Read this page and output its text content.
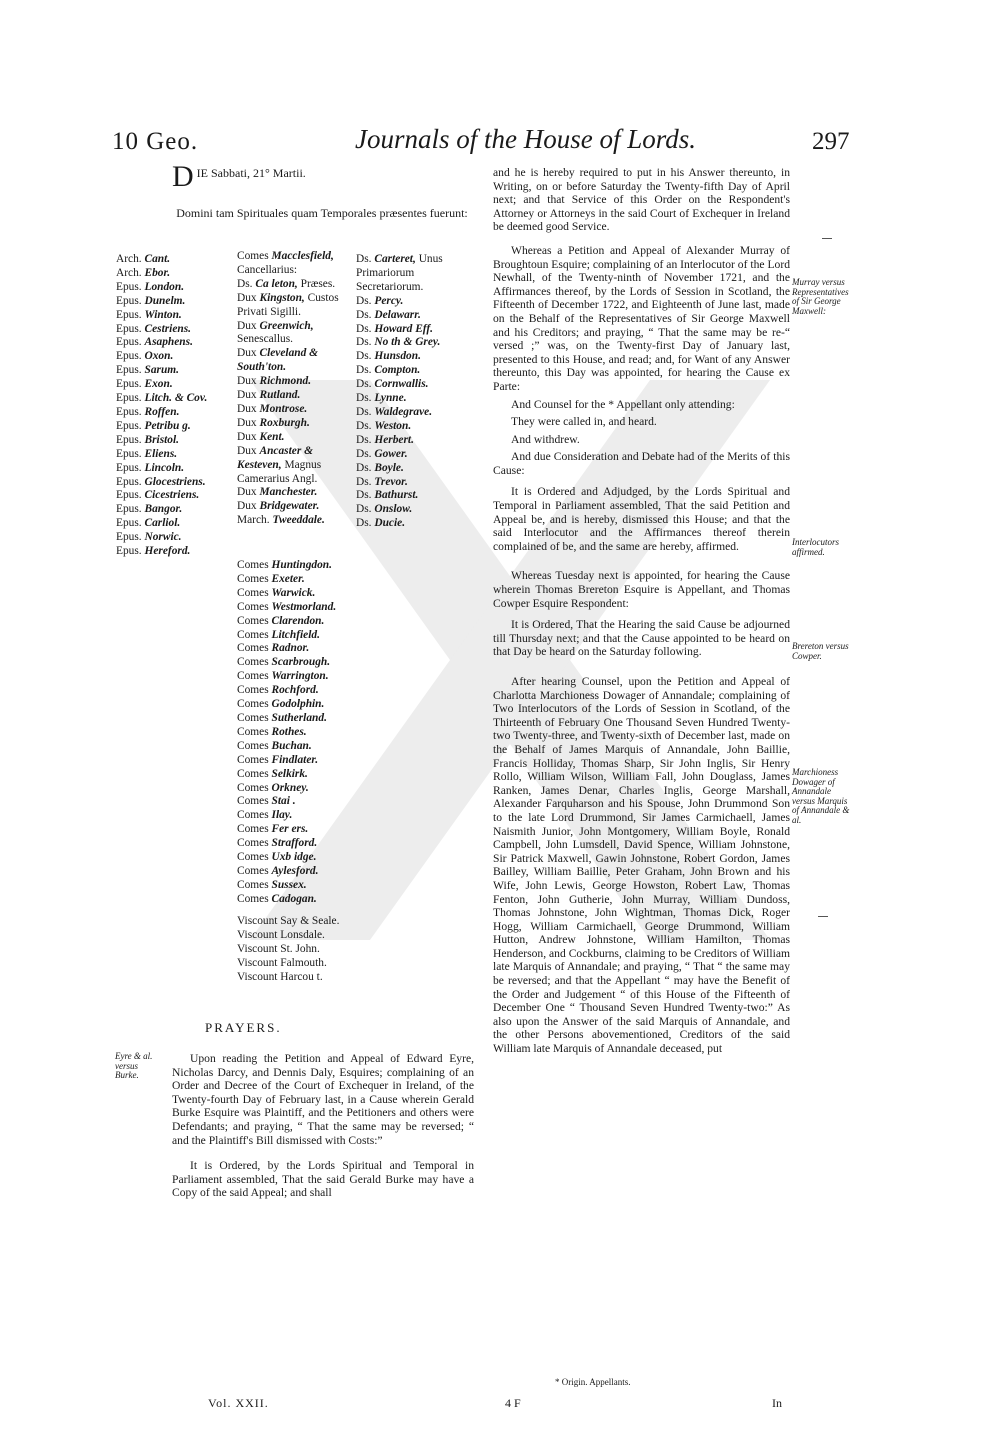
10 Geo.	Journals of the House of Lords.	297
D IE Sabbati, 21° Martii.
Domini tam Spirituales quam Temporales præsentes fuerunt:
Arch. Cant.
Arch. Ebor.
Epus. London.
Epus. Dunelm.
Epus. Winton.
Epus. Cestriens.
Epus. Asaphens.
Epus. Oxon.
Epus. Sarum.
Epus. Exon.
Epus. Litch. & Cov.
Epus. Roffen.
Epus. Petribu g.
Epus. Bristol.
Epus. Eliens.
Epus. Lincoln.
Epus. Glocestriens.
Epus. Cicestriens.
Epus. Bangor.
Epus. Carliol.
Epus. Norwic.
Epus. Hereford.
Comes Macclesfield, Cancellarius:
Ds. Ca leton, Præses.
Dux Kingston, Custos Privati Sigilli.
Dux Greenwich, Senescallus.
Dux Cleveland & South'ton.
Dux Richmond.
Dux Rutland.
Dux Montrose.
Dux Roxburgh.
Dux Kent.
Dux Ancaster & Kesteven, Magnus Camerarius Angl.
Dux Manchester.
Dux Bridgewater.
March. Tweeddale.
Comes Huntingdon.
Comes Exeter.
Comes Warwick.
Comes Westmorland.
Comes Clarendon.
Comes Litchfield.
Comes Radnor.
Comes Scarbrough.
Comes Warrington.
Comes Rochford.
Comes Godolphin.
Comes Sutherland.
Comes Rothes.
Comes Buchan.
Comes Findlater.
Comes Selkirk.
Comes Orkney.
Comes Stai .
Comes Ilay.
Comes Fer ers.
Comes Strafford.
Comes Uxb idge.
Comes Aylesford.
Comes Sussex.
Comes Cadogan.
Viscount Say & Seale.
Viscount Lonsdale.
Viscount St. John.
Viscount Falmouth.
Viscount Harcou t.
Ds. Carteret, Unus Primariorum Secretariorum.
Ds. Percy.
Ds. Delawarr.
Ds. Howard Eff.
Ds. No th & Grey.
Ds. Hunsdon.
Ds. Compton.
Ds. Cornwallis.
Ds. Lynne.
Ds. Waldegrave.
Ds. Weston.
Ds. Herbert.
Ds. Gower.
Ds. Boyle.
Ds. Trevor.
Ds. Bathurst.
Ds. Onslow.
Ds. Ducie.
PRAYERS.
Eyre & al. versus Burke.

Upon reading the Petition and Appeal of Edward Eyre, Nicholas Darcy, and Dennis Daly, Esquires; complaining of an Order and Decree of the Court of Exchequer in Ireland, of the Twenty-fourth Day of February last, in a Cause wherein Gerald Burke Esquire was Plaintiff, and the Petitioners and others were Defendants; and praying, “ That the same may be reversed; “ and the Plaintiff's Bill dismissed with Costs:”

It is Ordered, by the Lords Spiritual and Temporal in Parliament assembled, That the said Gerald Burke may have a Copy of the said Appeal; and shall

and he is hereby required to put in his Answer thereunto, in Writing, on or before Saturday the Twenty-fifth Day of April next; and that Service of this Order on the Respondent's Attorney or Attorneys in the said Court of Exchequer in Ireland be deemed good Service.

Whereas a Petition and Appeal of Alexander Murray of Broughtoun Esquire; complaining of an Interlocutor of the Lord Newhall, of the Twenty-ninth of November 1721, and the Affirmances thereof, by the Lords of Session in Scotland, the Fifteenth of December 1722, and Eighteenth of June last, made on the Behalf of the Representatives of Sir George Maxwell and his Creditors; and praying, “ That the same may be re-“ versed ;” was, on the Twenty-first Day of January last, presented to this House, and read; and, for Want of any Answer thereunto, this Day was appointed, for hearing the Cause ex Parte:

And Counsel for the * Appellant only attending:

They were called in, and heard.

And withdrew.

And due Consideration and Debate had of the Merits of this Cause:

It is Ordered and Adjudged, by the Lords Spiritual and Temporal in Parliament assembled, That the said Petition and Appeal be, and is hereby, dismissed this House; and that the said Interlocutor and the Affirmances thereof therein complained of be, and the same are hereby, affirmed.

Whereas Tuesday next is appointed, for hearing the Cause wherein Thomas Brereton Esquire is Appellant, and Thomas Cowper Esquire Respondent:

It is Ordered, That the Hearing the said Cause be adjourned till Thursday next; and that the Cause appointed to be heard on that Day be heard on the Saturday following.

After hearing Counsel, upon the Petition and Appeal of Charlotta Marchioness Dowager of Annandale; complaining of Two Interlocutors of the Lords of Session in Scotland, of the Thirteenth of February One Thousand Seven Hundred Twenty-two Twenty-three, and Twenty-sixth of December last, made on the Behalf of James Marquis of Annandale, John Baillie, Francis Holliday, Thomas Sharp, Sir John Inglis, Sir Henry Rollo, William Wilson, William Fall, John Douglass, James Ranken, James Denar, Charles Inglis, George Marshall, Alexander Farquharson and his Spouse, John Drummond Son to the late Lord Drummond, Sir James Carmichaell, James Naismith Junior, John Montgomery, William Boyle, Ronald Campbell, John Lumsdell, David Spence, William Johnstone, Sir Patrick Maxwell, Gawin Johnstone, Robert Gordon, James Bailley, William Baillie, Peter Graham, John Brown and his Wife, John Lewis, George Howston, Robert Law, Thomas Fenton, John Gutherie, John Murray, William Dundoss, Thomas Johnstone, John Wightman, Thomas Dick, Roger Hogg, William Carmichaell, George Drummond, William Hutton, Andrew Johnstone, William Hamilton, Thomas Henderson, and Cockburns, claiming to be Creditors of William late Marquis of Annandale; and praying, “ That “ the same may be reversed; and that the Appellant “ may have the Benefit of the Order and Judgement “ of this House of the Fifteenth of December One “ Thousand Seven Hundred Twenty-two:” As also upon the Answer of the said Marquis of Annandale, and the other Persons abovementioned, Creditors of the said William late Marquis of Annandale deceased, put

Murray versus Representatives of Sir George Maxwell:
Interlocutors affirmed.
Brereton versus Cowper.
Marchioness Dowager of Annandale versus Marquis of Annandale & al.
* Origin. Appellants.
Vol. XXII.	4 F	In
